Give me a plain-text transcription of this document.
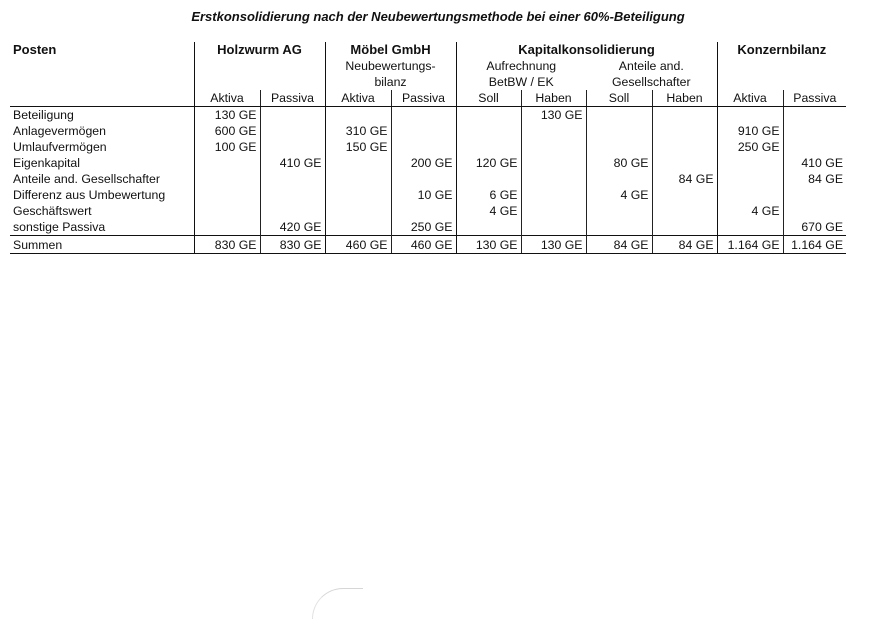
Erstkonsolidierung nach der Neubewertungsmethode bei einer 60%-Beteiligung
Posten	Holzwurm AG		Möbel GmbH		Kapitalkonsolidierung				Konzernbilanz	
			Neubewertungs-		Aufrechnung		Anteile and.			
			bilanz		BetBW / EK		Gesellschafter			
	Aktiva	Passiva	Aktiva	Passiva	Soll	Haben	Soll	Haben	Aktiva	Passiva
Beteiligung	130 GE					130 GE				
Anlagevermögen	600 GE		310 GE						910 GE	
Umlaufvermögen	100 GE		150 GE						250 GE	
Eigenkapital		410 GE		200 GE	120 GE		80 GE			410 GE
Anteile and. Gesellschafter								84 GE		84 GE
Differenz aus Umbewertung				10 GE	6 GE		4 GE			
Geschäftswert					4 GE				4 GE	
sonstige Passiva		420 GE		250 GE						670 GE
Summen	830 GE	830 GE	460 GE	460 GE	130 GE	130 GE	84 GE	84 GE	1.164 GE	1.164 GE
